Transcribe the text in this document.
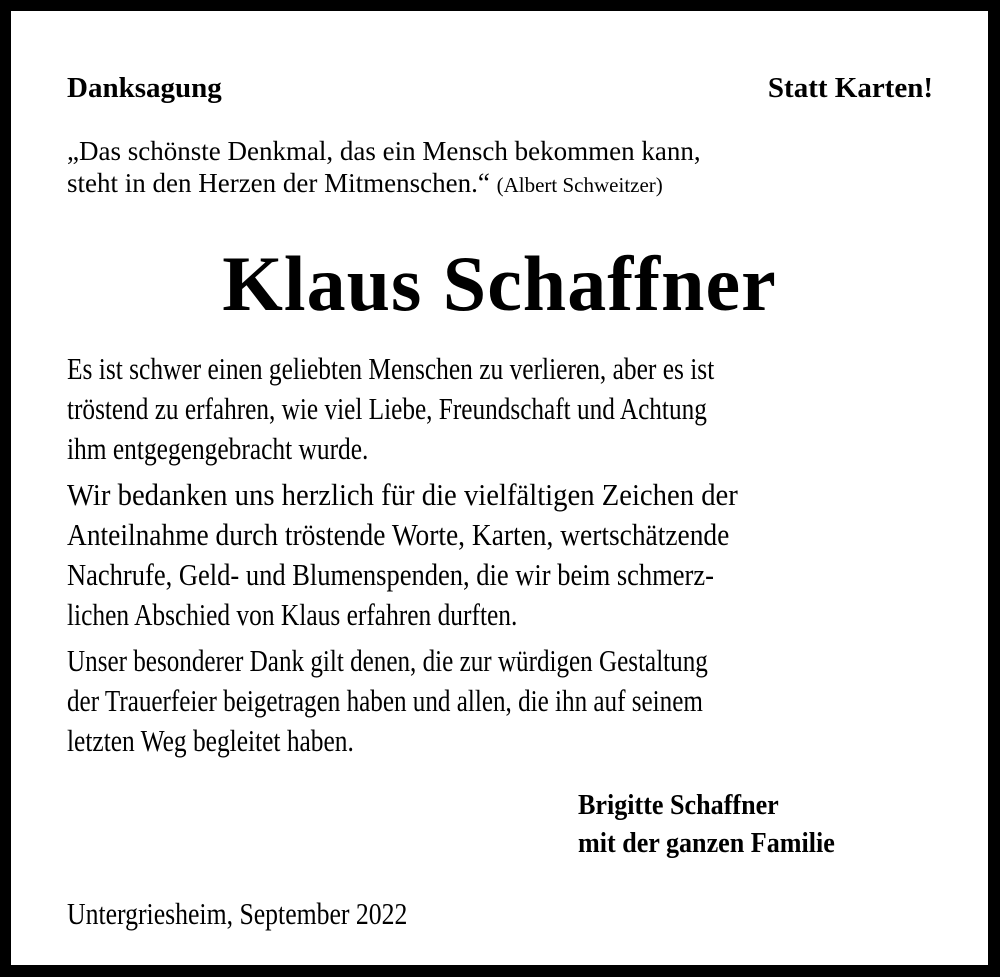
Danksagung	Statt Karten!
„Das schönste Denkmal, das ein Mensch bekommen kann,
steht in den Herzen der Mitmenschen.“ (Albert Schweitzer)
Klaus Schaffner
Es ist schwer einen geliebten Menschen zu verlieren, aber es ist
tröstend zu erfahren, wie viel Liebe, Freundschaft und Achtung
ihm entgegengebracht wurde.
Wir bedanken uns herzlich für die vielfältigen Zeichen der
Anteilnahme durch tröstende Worte, Karten, wertschätzende
Nachrufe, Geld- und Blumenspenden, die wir beim schmerz-
lichen Abschied von Klaus erfahren durften.
Unser besonderer Dank gilt denen, die zur würdigen Gestaltung
der Trauerfeier beigetragen haben und allen, die ihn auf seinem
letzten Weg begleitet haben.
Brigitte Schaffner
mit der ganzen Familie
Untergriesheim, September 2022
